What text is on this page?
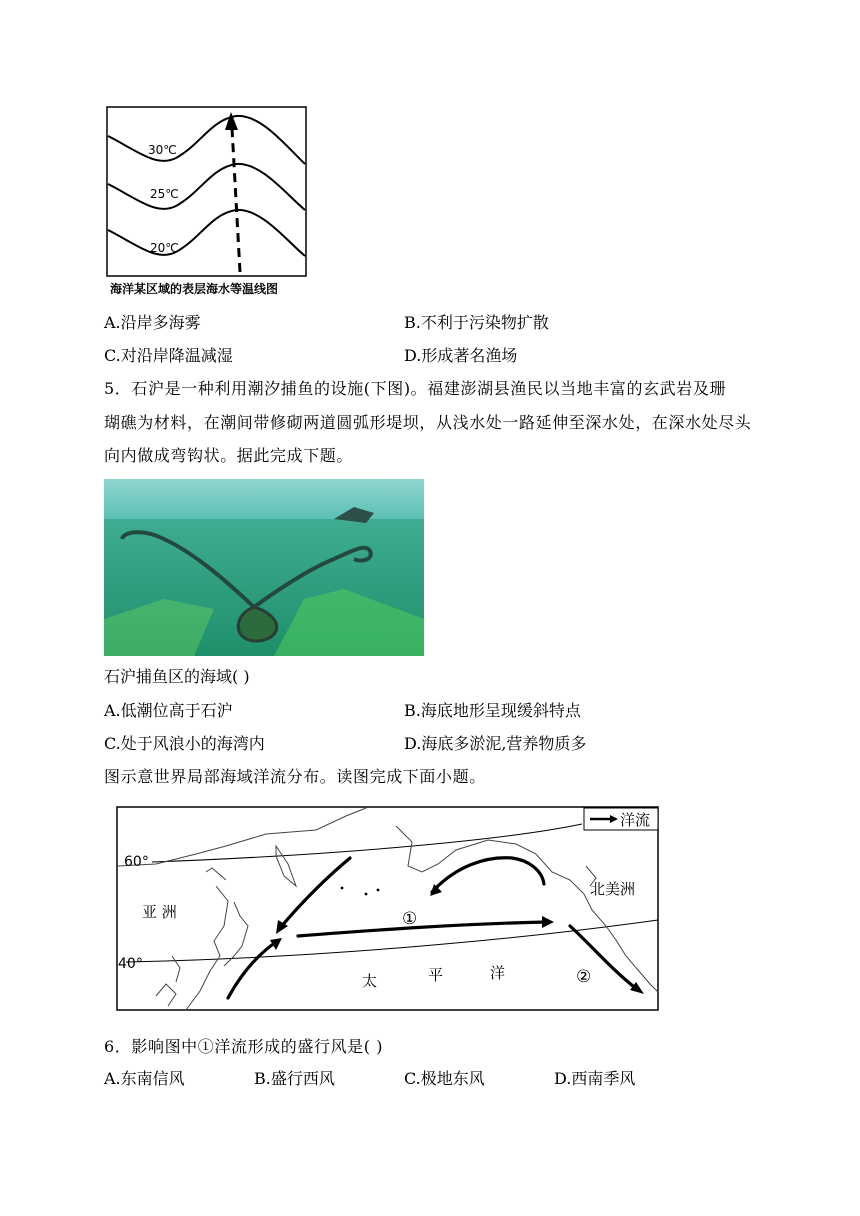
30℃
25℃
20℃
海洋某区域的表层海水等温线图
A.沿岸多海雾	B.不利于污染物扩散
C.对沿岸降温减湿	D.形成著名渔场
5．石沪是一种利用潮汐捕鱼的设施(下图)。福建澎湖县渔民以当地丰富的玄武岩及珊
瑚礁为材料，在潮间带修砌两道圆弧形堤坝，从浅水处一路延伸至深水处，在深水处尽头
向内做成弯钩状。据此完成下题。
石沪捕鱼区的海域( )
A.低潮位高于石沪	B.海底地形呈现缓斜特点
C.处于风浪小的海湾内	D.海底多淤泥,营养物质多
图示意世界局部海域洋流分布。读图完成下面小题。
洋流
60°
40°
亚 洲
北美洲
太	平	洋
①
②
6．影响图中①洋流形成的盛行风是( )
A.东南信风	B.盛行西风	C.极地东风	D.西南季风
